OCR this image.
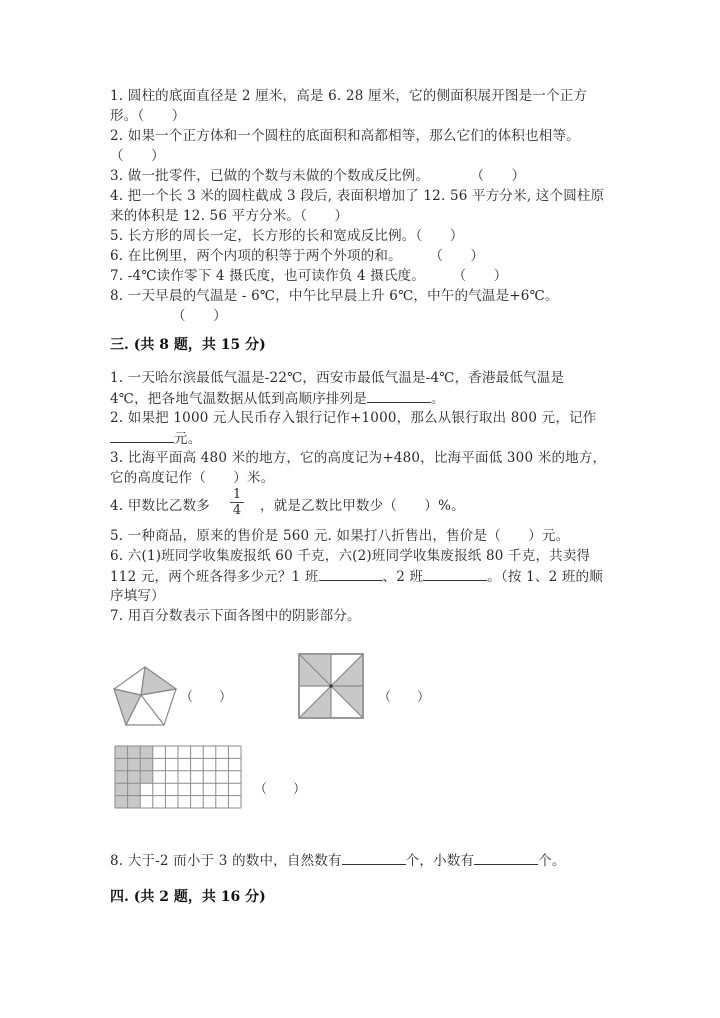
1. 圆柱的底面直径是 2 厘米，高是 6. 28 厘米，它的侧面积展开图是一个正方
形。（　　）
2. 如果一个正方体和一个圆柱的底面积和高都相等，那么它们的体积也相等。
（　　）
3. 做一批零件，已做的个数与未做的个数成反比例。　　　　（　　）
4. 把一个长 3 米的圆柱截成 3 段后, 表面积增加了 12. 56 平方分米, 这个圆柱原
来的体积是 12. 56 平方分米。（　　）
5. 长方形的周长一定，长方形的长和宽成反比例。（　　）
6. 在比例里，两个内项的积等于两个外项的和。　　　（　　）
7. -4℃读作零下 4 摄氏度，也可读作负 4 摄氏度。　　　（　　）
8. 一天早晨的气温是 - 6℃，中午比早晨上升 6℃，中午的气温是+6℃。
（　　）
三. (共 8 题，共 15 分)
1. 一天哈尔滨最低气温是-22℃，西安市最低气温是-4℃，香港最低气温是
4℃，把各地气温数据从低到高顺序排列是	。
2. 如果把 1000 元人民币存入银行记作+1000，那么从银行取出 800 元，记作
元。
3. 比海平面高 480 米的地方，它的高度记为+480，比海平面低 300 米的地方，
它的高度记作（　　）米。
4. 甲数比乙数多 $\frac{1}{4}$ ，就是乙数比甲数少（　　）%。
5. 一种商品，原来的售价是 560 元. 如果打八折售出，售价是（　　）元。
6. 六(1)班同学收集废报纸 60 千克，六(2)班同学收集废报纸 80 千克，共卖得
112 元，两个班各得多少元？1 班	、2 班	。（按 1、2 班的顺
序填写）
7. 用百分数表示下面各图中的阴影部分。
（　　）	（　　）
（　　）
8. 大于-2 而小于 3 的数中，自然数有	个，小数有	个。
四. (共 2 题，共 16 分)
